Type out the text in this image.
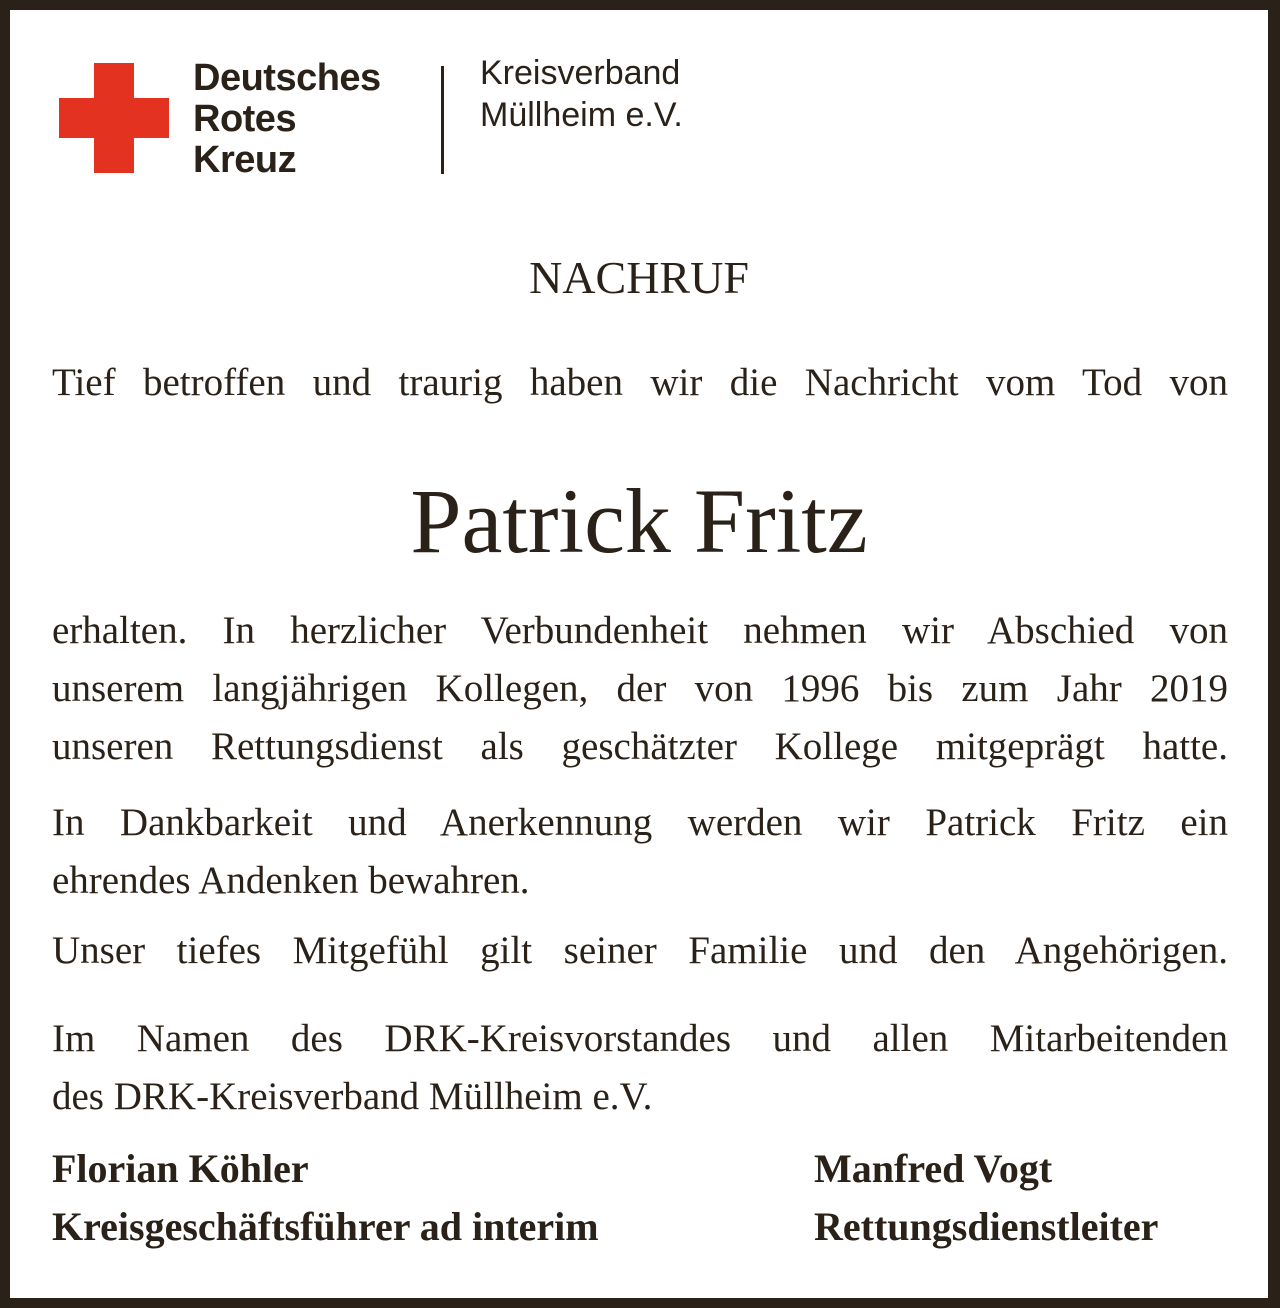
Deutsches
Rotes
Kreuz
Kreisverband
Müllheim e.V.
NACHRUF
Tief betroffen und traurig haben wir die Nachricht vom Tod von
Patrick Fritz
erhalten. In herzlicher Verbundenheit nehmen wir Abschied von
unserem langjährigen Kollegen, der von 1996 bis zum Jahr 2019
unseren Rettungsdienst als geschätzter Kollege mitgeprägt hatte.
In Dankbarkeit und Anerkennung werden wir Patrick Fritz ein
ehrendes Andenken bewahren.
Unser tiefes Mitgefühl gilt seiner Familie und den Angehörigen.
Im Namen des DRK-Kreisvorstandes und allen Mitarbeitenden
des DRK-Kreisverband Müllheim e.V.
Florian Köhler
Kreisgeschäftsführer ad interim
Manfred Vogt
Rettungsdienstleiter
